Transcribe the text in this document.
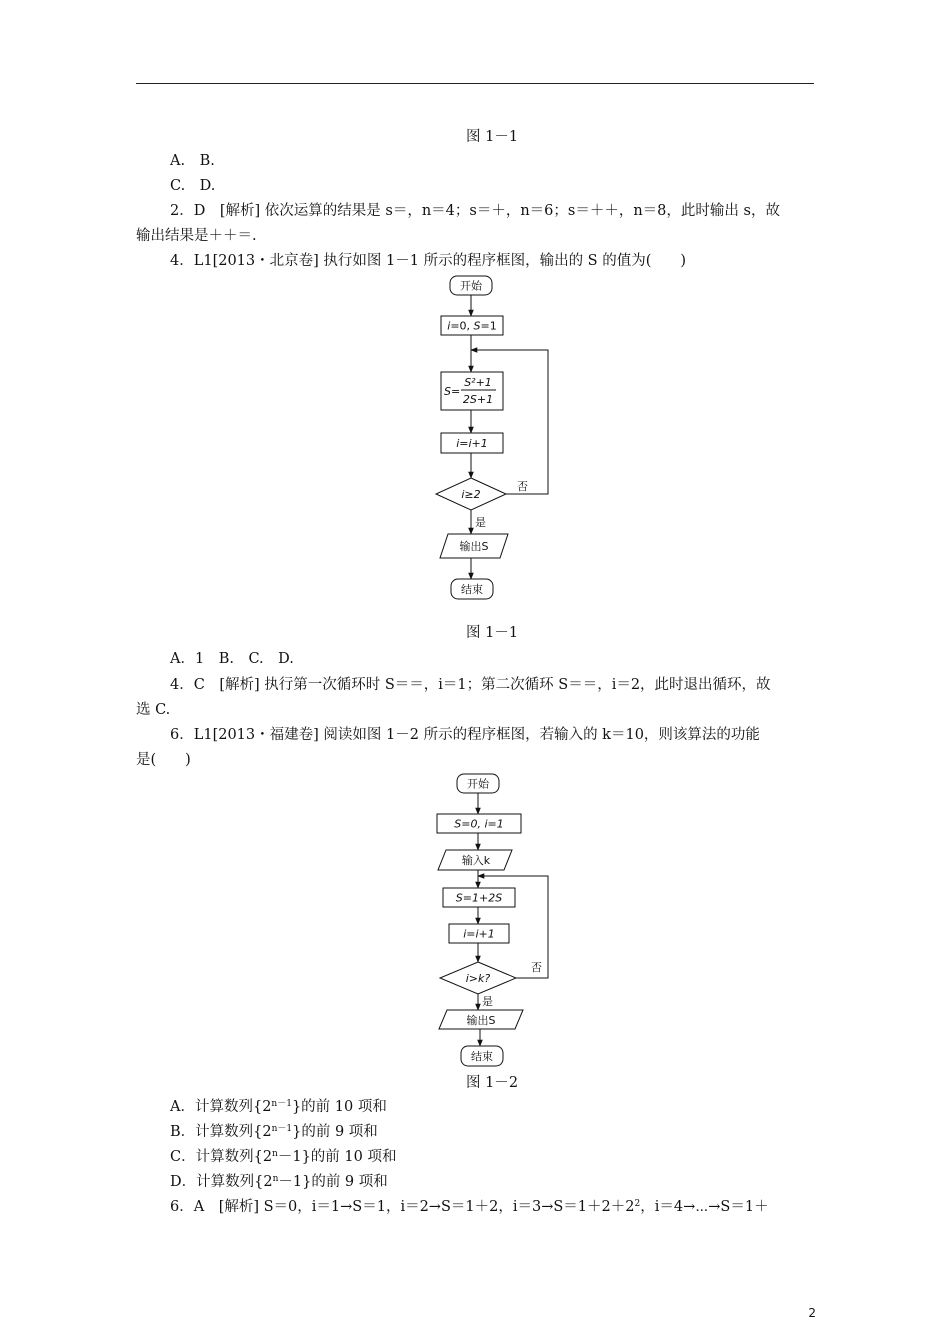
图 1－1
A.　B.
C.　D.
2．D　[解析] 依次运算的结果是 s＝，n＝4；s＝＋，n＝6；s＝＋＋，n＝8，此时输出 s，故
输出结果是＋＋＝.
4．L1[2013・北京卷] 执行如图 1－1 所示的程序框图，输出的 S 的值为(　　)
开始
i=0, S=1
S=
S²+1
2S+1
i=i+1
i≥2
否
是
输出S
结束
图 1－1
A．1　B.　C.　D.
4．C　[解析] 执行第一次循环时 S＝＝，i＝1；第二次循环 S＝＝，i＝2，此时退出循环，故
选 C.
6．L1[2013・福建卷] 阅读如图 1－2 所示的程序框图，若输入的 k＝10，则该算法的功能
是(　　)
开始
S=0, i=1
输入k
S=1+2S
i=i+1
i>k?
否
是
输出S
结束
图 1－2
A．计算数列$\{2^{n-1}\}$的前 10 项和
B．计算数列$\{2^{n-1}\}$的前 9 项和
C．计算数列$\{2^n-1\}$的前 10 项和
D．计算数列$\{2^n-1\}$的前 9 项和
6．A　[解析] S＝0，i＝1→S＝1，i＝2→S＝1＋2，$i=3\to S=1+2+2^2$，i＝4→⋯→S＝1＋
2
